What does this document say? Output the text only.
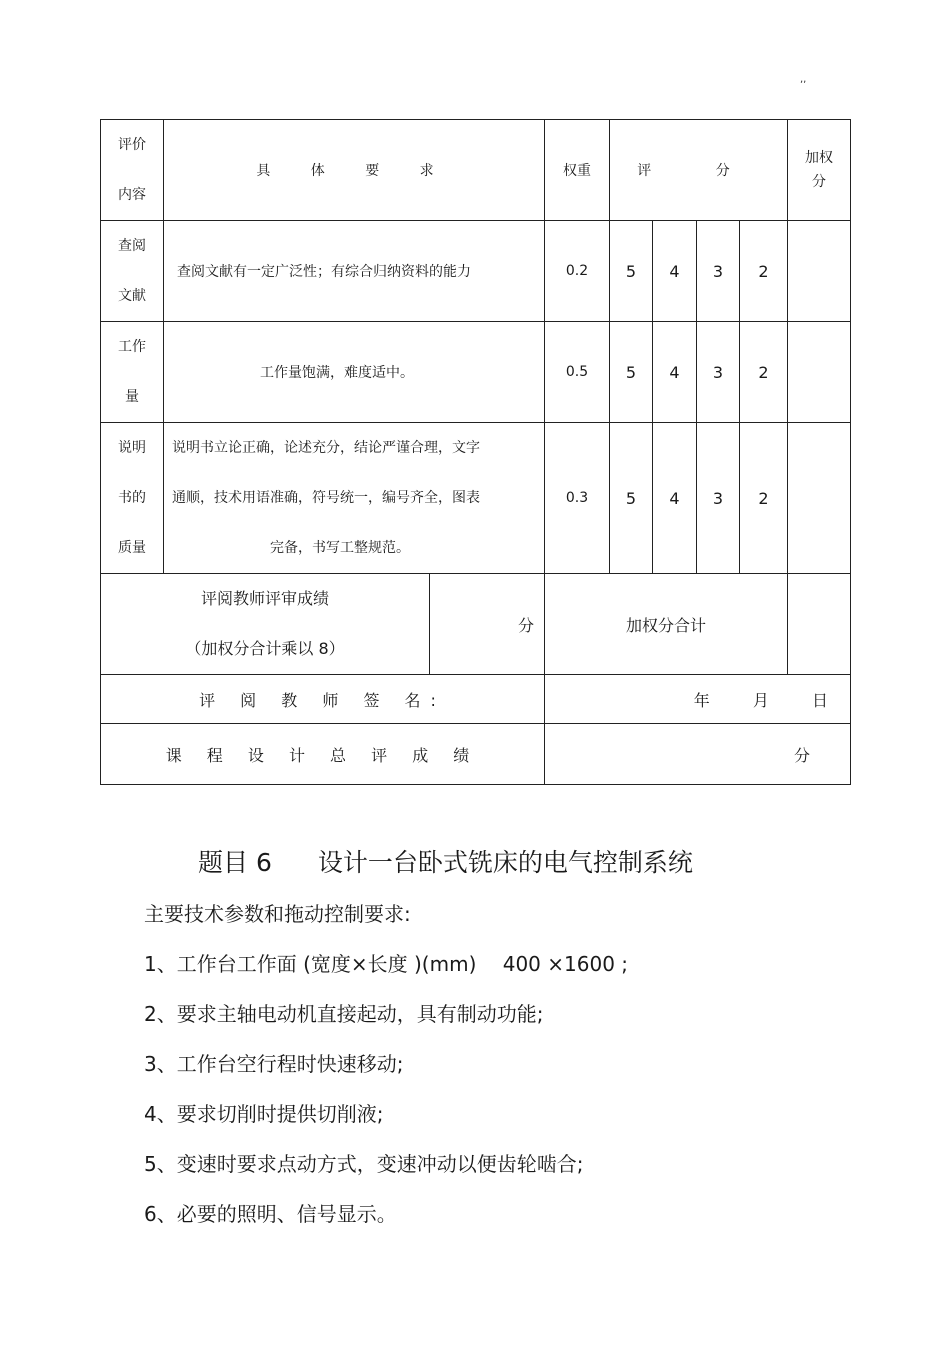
,,
评价
内容	具 体 要 求		权重	评 分				加权
分
查阅
文献	查阅文献有一定广泛性；有综合归纳资料的能力		0.2	5	4	3	2	
工作
量	工作量饱满，难度适中。		0.5	5	4	3	2	
说明
书的
质量	说明书立论正确，论述充分，结论严谨合理，文字
通顺，技术用语准确，符号统一，编号齐全，图表
完备，书写工整规范。		0.3	5	4	3	2	
评阅教师评审成绩
（加权分合计乘以 8）		分	加权分合计					
评 阅 教 师 签 名:			年 月 日					
课 程 设 计 总 评 成 绩			分					
题目 6 设计一台卧式铣床的电气控制系统
主要技术参数和拖动控制要求:
1、工作台工作面 (宽度×长度 )(mm)　 400 ×1600 ;
2、要求主轴电动机直接起动，具有制动功能;
3、工作台空行程时快速移动;
4、要求切削时提供切削液;
5、变速时要求点动方式，变速冲动以便齿轮啮合;
6、必要的照明、信号显示。
